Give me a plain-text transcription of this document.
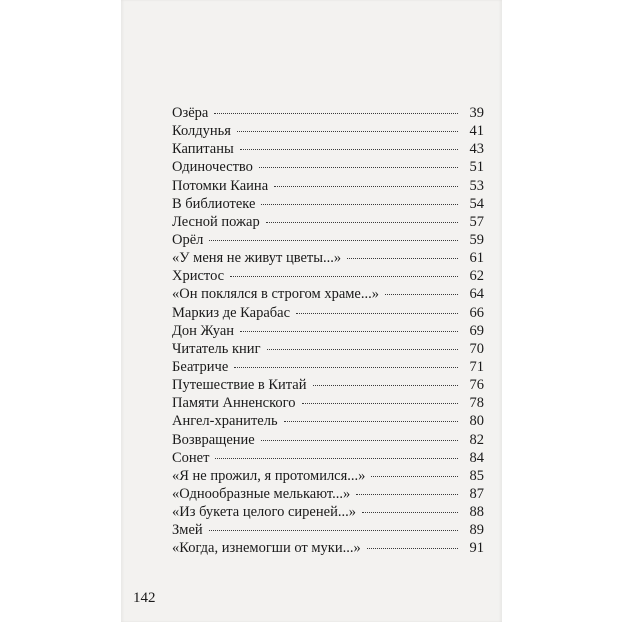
Озёра	39
Колдунья	41
Капитаны	43
Одиночество	51
Потомки Каина	53
В библиотеке	54
Лесной пожар	57
Орёл	59
«У меня не живут цветы...»	61
Христос	62
«Он поклялся в строгом храме...»	64
Маркиз де Карабас	66
Дон Жуан	69
Читатель книг	70
Беатриче	71
Путешествие в Китай	76
Памяти Анненского	78
Ангел-хранитель	80
Возвращение	82
Сонет	84
«Я не прожил, я протомился...»	85
«Однообразные мелькают...»	87
«Из букета целого сиреней...»	88
Змей	89
«Когда, изнемогши от муки...»	91
142
